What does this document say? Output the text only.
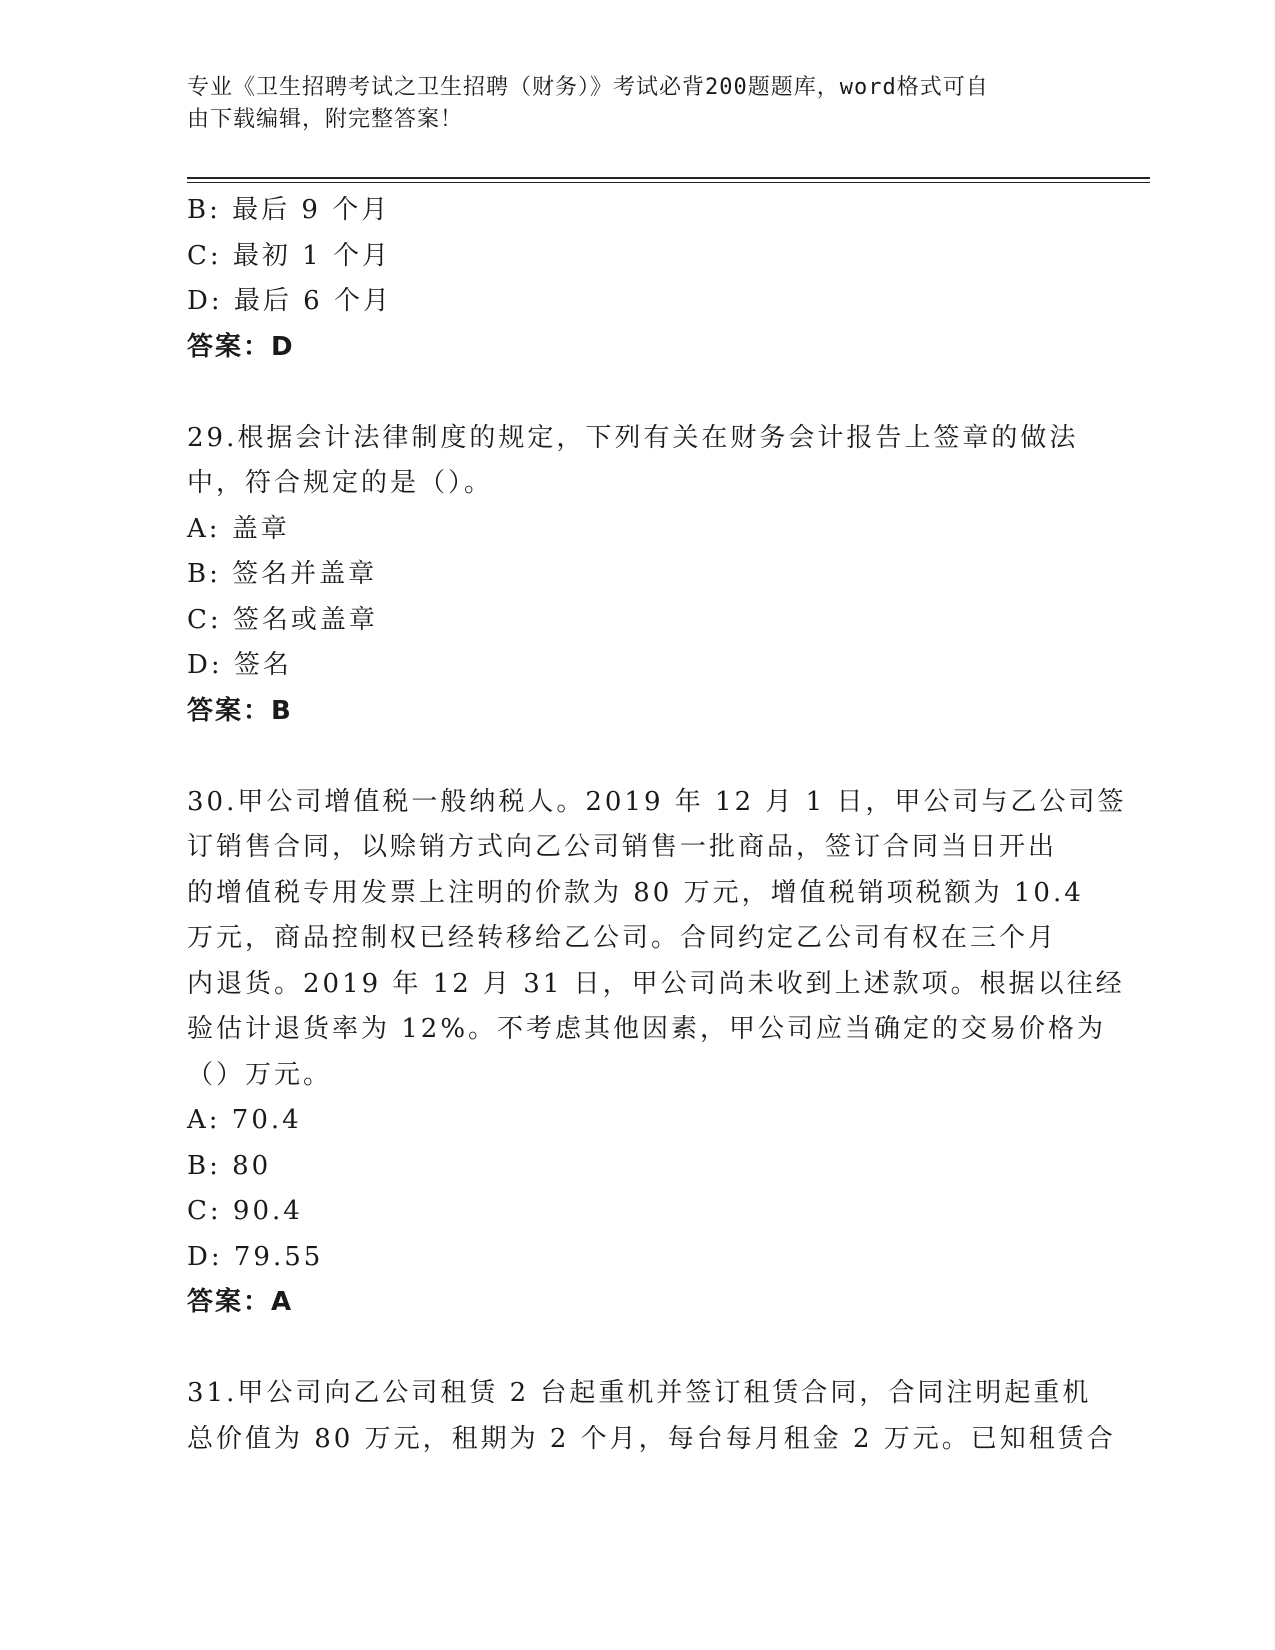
专业《卫生招聘考试之卫生招聘（财务）》考试必背200题题库，word格式可自
由下载编辑，附完整答案！
B: 最后 9 个月
C: 最初 1 个月
D: 最后 6 个月
答案：D
29.根据会计法律制度的规定，下列有关在财务会计报告上签章的做法
中，符合规定的是（）。
A: 盖章
B: 签名并盖章
C: 签名或盖章
D: 签名
答案：B
30.甲公司增值税一般纳税人。2019 年 12 月 1 日，甲公司与乙公司签
订销售合同，以赊销方式向乙公司销售一批商品，签订合同当日开出
的增值税专用发票上注明的价款为 80 万元，增值税销项税额为 10.4
万元，商品控制权已经转移给乙公司。合同约定乙公司有权在三个月
内退货。2019 年 12 月 31 日，甲公司尚未收到上述款项。根据以往经
验估计退货率为 12%。不考虑其他因素，甲公司应当确定的交易价格为
（）万元。
A: 70.4
B: 80
C: 90.4
D: 79.55
答案：A
31.甲公司向乙公司租赁 2 台起重机并签订租赁合同，合同注明起重机
总价值为 80 万元，租期为 2 个月，每台每月租金 2 万元。已知租赁合
